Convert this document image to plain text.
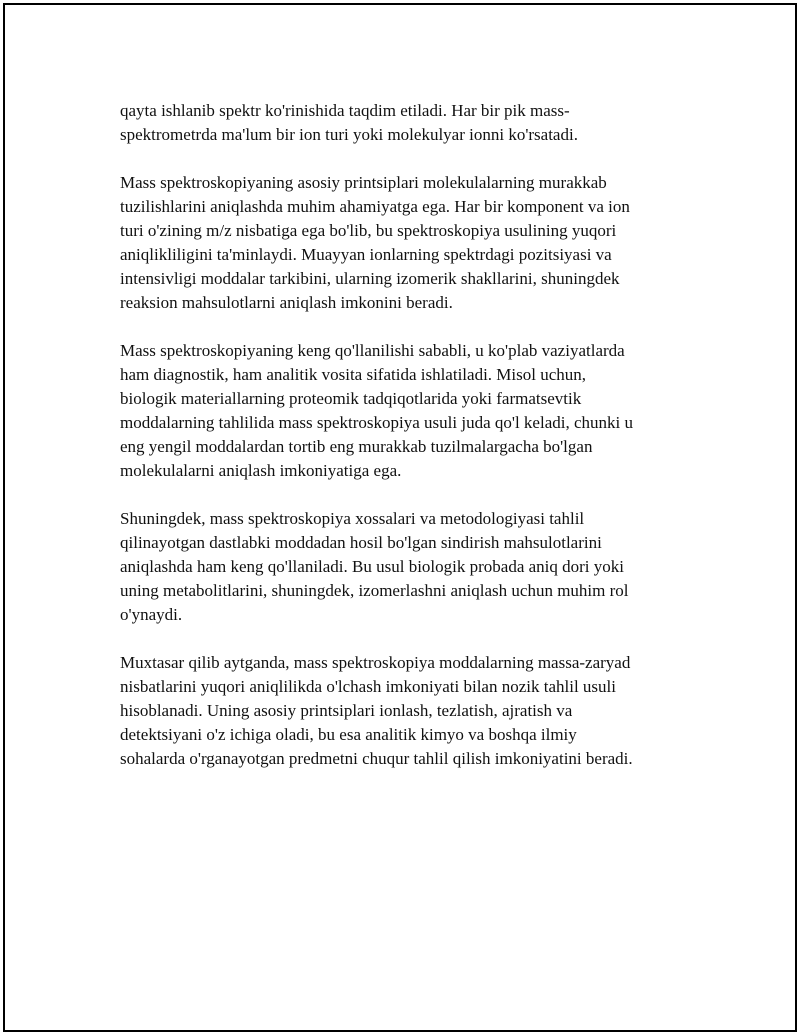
qayta ishlanib spektr ko'rinishida taqdim etiladi. Har bir pik mass-
spektrometrda ma'lum bir ion turi yoki molekulyar ionni ko'rsatadi.

Mass spektroskopiyaning asosiy printsiplari molekulalarning murakkab
tuzilishlarini aniqlashda muhim ahamiyatga ega. Har bir komponent va ion
turi o'zining m/z nisbatiga ega bo'lib, bu spektroskopiya usulining yuqori
aniqlikliligini ta'minlaydi. Muayyan ionlarning spektrdagi pozitsiyasi va
intensivligi moddalar tarkibini, ularning izomerik shakllarini, shuningdek
reaksion mahsulotlarni aniqlash imkonini beradi.

Mass spektroskopiyaning keng qo'llanilishi sababli, u ko'plab vaziyatlarda
ham diagnostik, ham analitik vosita sifatida ishlatiladi. Misol uchun,
biologik materiallarning proteomik tadqiqotlarida yoki farmatsevtik
moddalarning tahlilida mass spektroskopiya usuli juda qo'l keladi, chunki u
eng yengil moddalardan tortib eng murakkab tuzilmalargacha bo'lgan
molekulalarni aniqlash imkoniyatiga ega.

Shuningdek, mass spektroskopiya xossalari va metodologiyasi tahlil
qilinayotgan dastlabki moddadan hosil bo'lgan sindirish mahsulotlarini
aniqlashda ham keng qo'llaniladi. Bu usul biologik probada aniq dori yoki
uning metabolitlarini, shuningdek, izomerlashni aniqlash uchun muhim rol
o'ynaydi.

Muxtasar qilib aytganda, mass spektroskopiya moddalarning massa-zaryad
nisbatlarini yuqori aniqlilikda o'lchash imkoniyati bilan nozik tahlil usuli
hisoblanadi. Uning asosiy printsiplari ionlash, tezlatish, ajratish va
detektsiyani o'z ichiga oladi, bu esa analitik kimyo va boshqa ilmiy
sohalarda o'rganayotgan predmetni chuqur tahlil qilish imkoniyatini beradi.
